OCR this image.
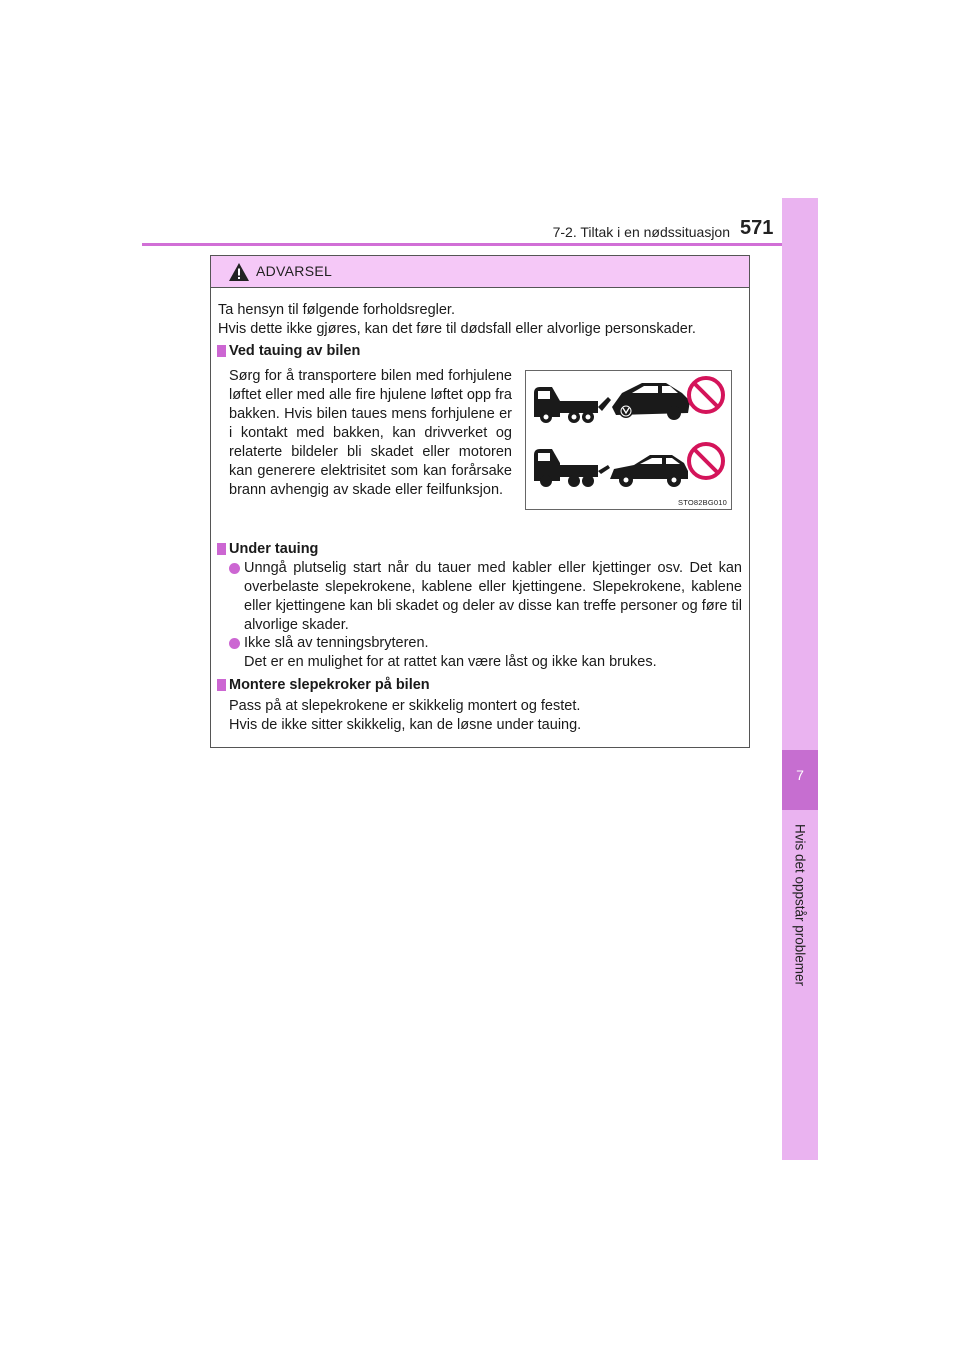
7-2. Tiltak i en nødssituasjon 571
7
Hvis det oppstår problemer
ADVARSEL
Ta hensyn til følgende forholdsregler.
Hvis dette ikke gjøres, kan det føre til dødsfall eller alvorlige personskader.
Ved tauing av bilen
Sørg for å transportere bilen med forhjulene løftet eller med alle fire hjulene løftet opp fra bakken. Hvis bilen taues mens forhjulene er i kontakt med bakken, kan drivverket og relaterte bildeler bli skadet eller motoren kan generere elektrisitet som kan forårsake brann avhengig av skade eller feilfunksjon.
STO82BG010
Under tauing
Unngå plutselig start når du tauer med kabler eller kjettinger osv. Det kan overbelaste slepekrokene, kablene eller kjettingene. Slepekrokene, kablene eller kjettingene kan bli skadet og deler av disse kan treffe personer og føre til alvorlige skader.
Ikke slå av tenningsbryteren.
Det er en mulighet for at rattet kan være låst og ikke kan brukes.
Montere slepekroker på bilen
Pass på at slepekrokene er skikkelig montert og festet.
Hvis de ikke sitter skikkelig, kan de løsne under tauing.
